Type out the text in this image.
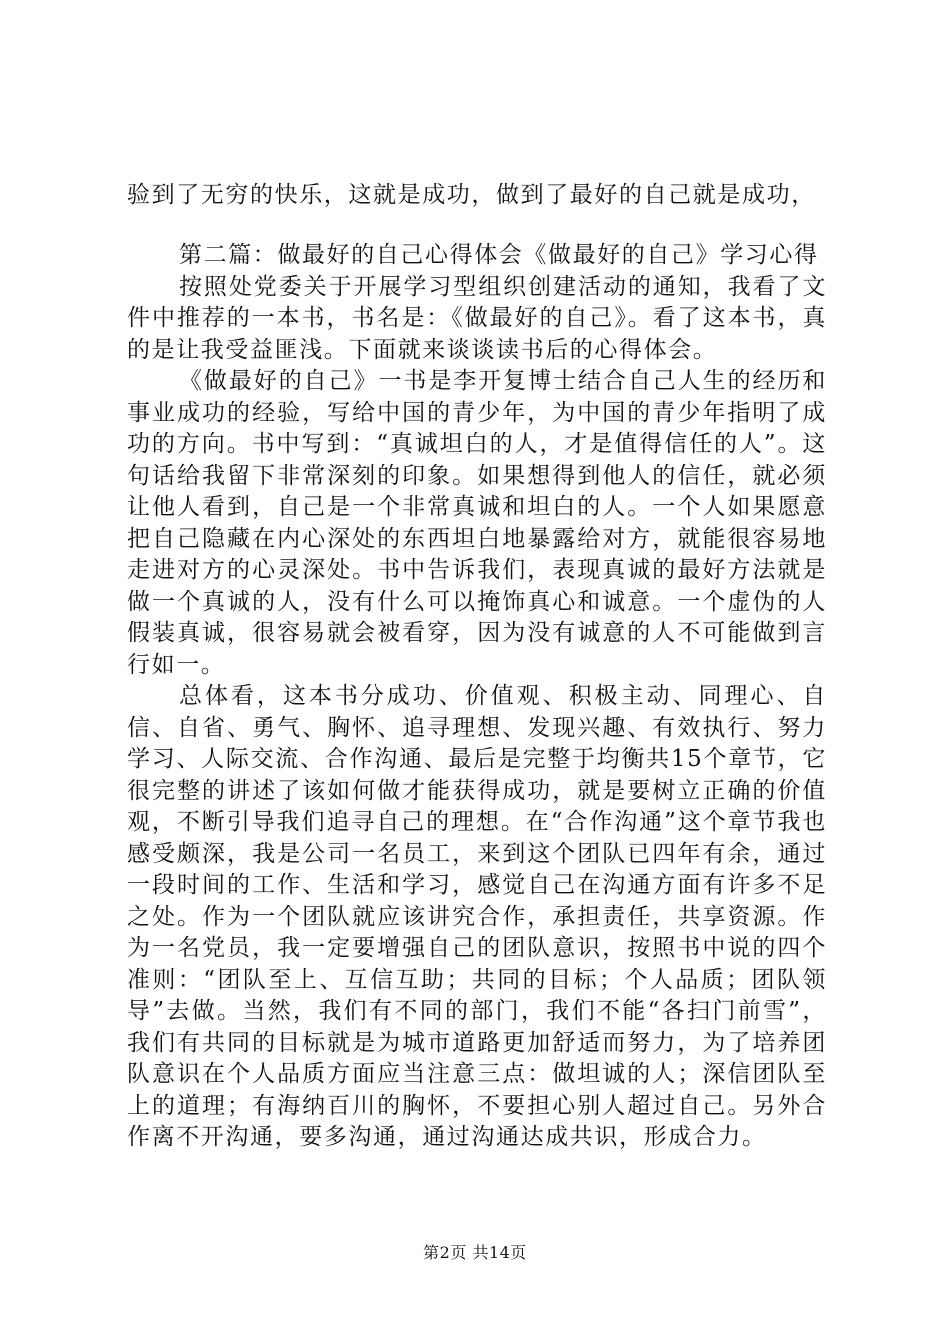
验到了无穷的快乐，这就是成功，做到了最好的自己就是成功，

第二篇：做最好的自己心得体会《做最好的自己》学习心得

按照处党委关于开展学习型组织创建活动的通知，我看了文件中推荐的一本书，书名是：《做最好的自己》。看了这本书，真的是让我受益匪浅。下面就来谈谈读书后的心得体会。

《做最好的自己》一书是李开复博士结合自己人生的经历和事业成功的经验，写给中国的青少年，为中国的青少年指明了成功的方向。书中写到：“真诚坦白的人，才是值得信任的人”。这句话给我留下非常深刻的印象。如果想得到他人的信任，就必须让他人看到，自己是一个非常真诚和坦白的人。一个人如果愿意把自己隐藏在内心深处的东西坦白地暴露给对方，就能很容易地走进对方的心灵深处。书中告诉我们，表现真诚的最好方法就是做一个真诚的人，没有什么可以掩饰真心和诚意。一个虚伪的人假装真诚，很容易就会被看穿，因为没有诚意的人不可能做到言行如一。

总体看，这本书分成功、价值观、积极主动、同理心、自信、自省、勇气、胸怀、追寻理想、发现兴趣、有效执行、努力学习、人际交流、合作沟通、最后是完整于均衡共15个章节，它很完整的讲述了该如何做才能获得成功，就是要树立正确的价值观，不断引导我们追寻自己的理想。在“合作沟通”这个章节我也感受颇深，我是公司一名员工，来到这个团队已四年有余，通过一段时间的工作、生活和学习，感觉自己在沟通方面有许多不足之处。作为一个团队就应该讲究合作，承担责任，共享资源。作为一名党员，我一定要增强自己的团队意识，按照书中说的四个准则：“团队至上、互信互助；共同的目标；个人品质；团队领导”去做。当然，我们有不同的部门，我们不能“各扫门前雪”，我们有共同的目标就是为城市道路更加舒适而努力，为了培养团队意识在个人品质方面应当注意三点：做坦诚的人；深信团队至上的道理；有海纳百川的胸怀，不要担心别人超过自己。另外合作离不开沟通，要多沟通，通过沟通达成共识，形成合力。

第2页 共14页
